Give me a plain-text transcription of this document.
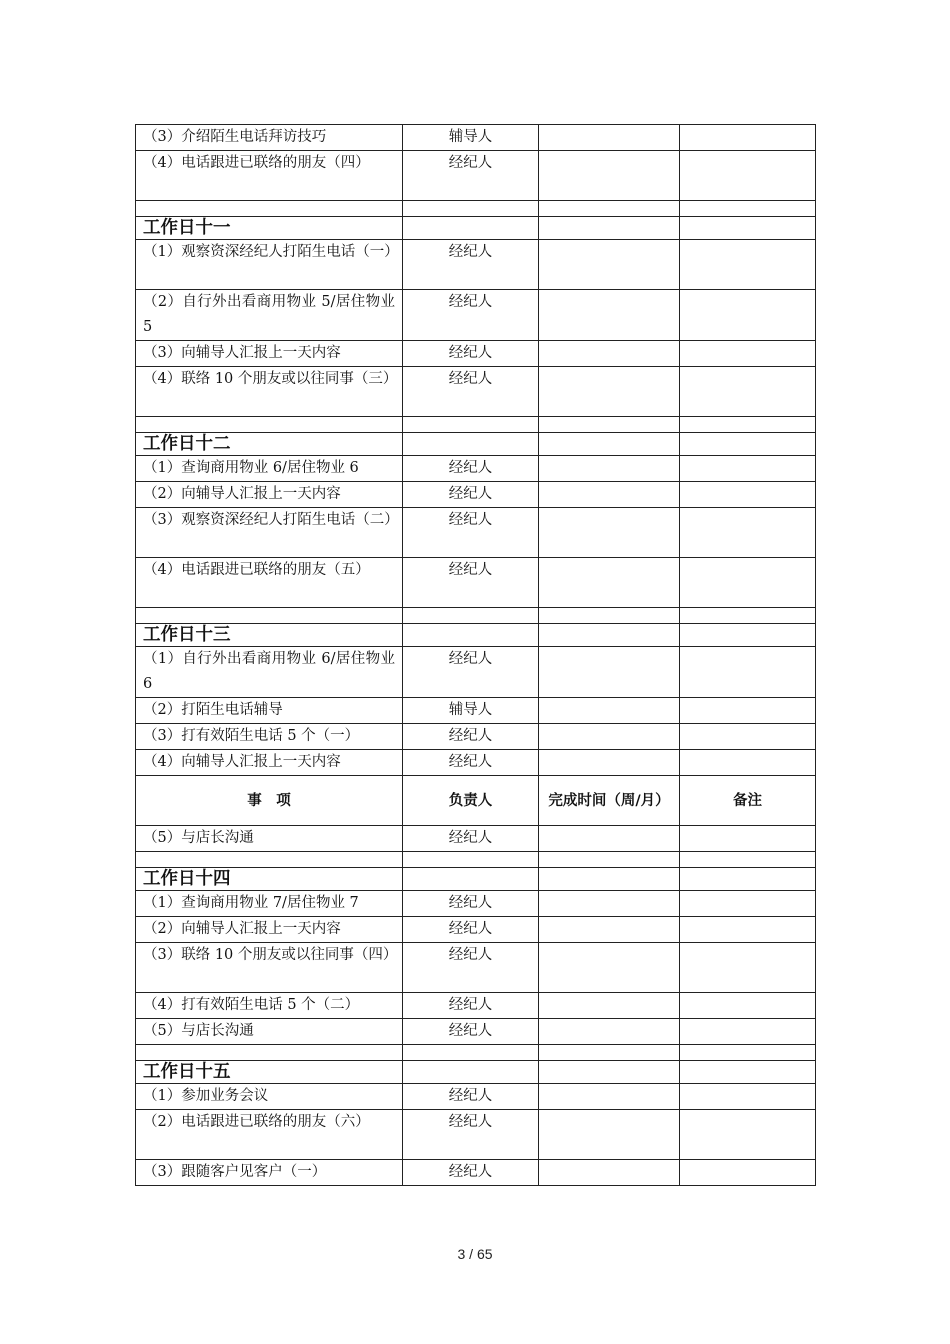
（3）介绍陌生电话拜访技巧	辅导人		
（4）电话跟进已联络的朋友（四）	经纪人		

工作日十一			
（1）观察资深经纪人打陌生电话（一）	经纪人		
（2）自行外出看商用物业 5/居住物业 5	经纪人		
（3）向辅导人汇报上一天内容	经纪人		
（4）联络 10 个朋友或以往同事（三）	经纪人		

工作日十二			
（1）查询商用物业 6/居住物业 6	经纪人		
（2）向辅导人汇报上一天内容	经纪人		
（3）观察资深经纪人打陌生电话（二）	经纪人		
（4）电话跟进已联络的朋友（五）	经纪人		

工作日十三			
（1）自行外出看商用物业 6/居住物业 6	经纪人		
（2）打陌生电话辅导	辅导人		
（3）打有效陌生电话 5 个（一）	经纪人		
（4）向辅导人汇报上一天内容	经纪人		
事　项	负责人	完成时间（周/月）	备注
（5）与店长沟通	经纪人		

工作日十四			
（1）查询商用物业 7/居住物业 7	经纪人		
（2）向辅导人汇报上一天内容	经纪人		
（3）联络 10 个朋友或以往同事（四）	经纪人		
（4）打有效陌生电话 5 个（二）	经纪人		
（5）与店长沟通	经纪人		

工作日十五			
（1）参加业务会议	经纪人		
（2）电话跟进已联络的朋友（六）	经纪人		
（3）跟随客户见客户（一）	经纪人		
3 / 65
